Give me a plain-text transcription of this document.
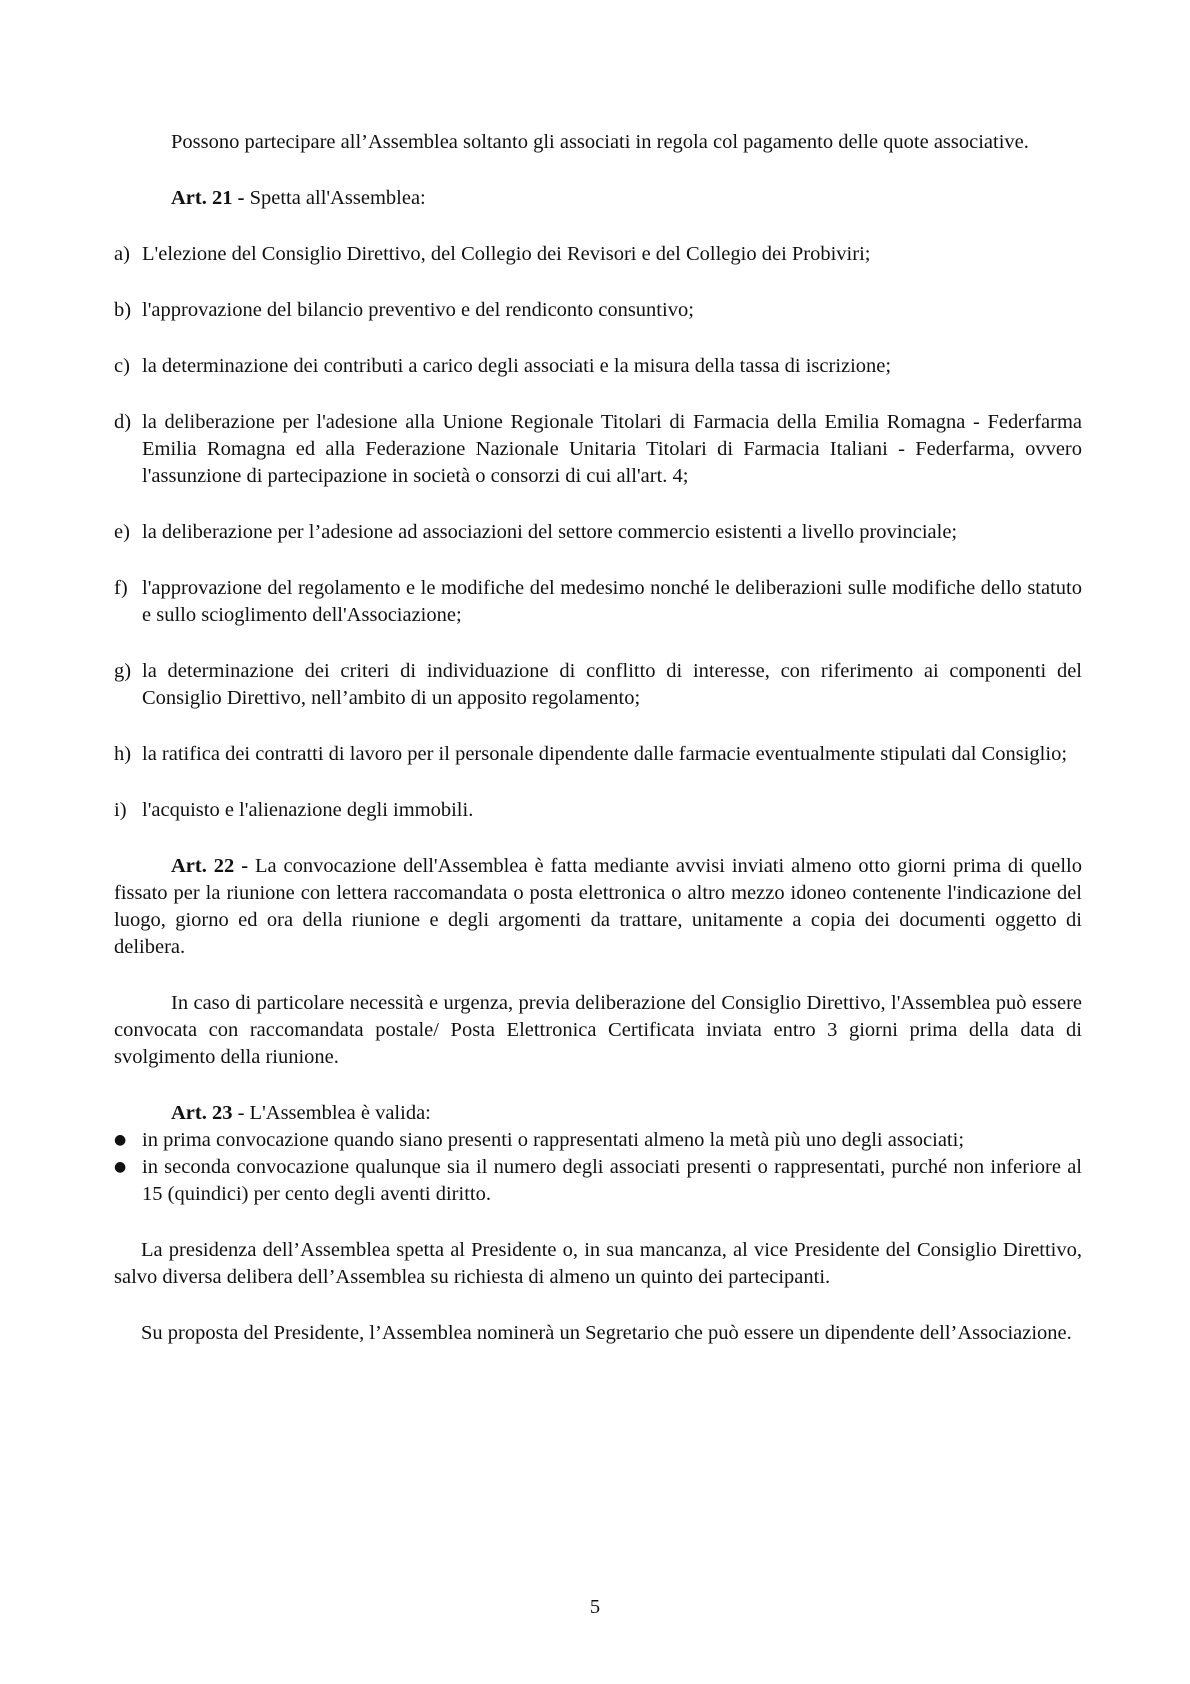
Possono partecipare all’Assemblea soltanto gli associati in regola col pagamento delle quote associative.

Art. 21 - Spetta all'Assemblea:

a) L'elezione del Consiglio Direttivo, del Collegio dei Revisori e del Collegio dei Probiviri;
b) l'approvazione del bilancio preventivo e del rendiconto consuntivo;
c) la determinazione dei contributi a carico degli associati e la misura della tassa di iscrizione;
d) la deliberazione per l'adesione alla Unione Regionale Titolari di Farmacia della Emilia Romagna - Federfarma Emilia Romagna ed alla Federazione Nazionale Unitaria Titolari di Farmacia Italiani - Federfarma, ovvero l'assunzione di partecipazione in società o consorzi di cui all'art. 4;
e) la deliberazione per l’adesione ad associazioni del settore commercio esistenti a livello provinciale;
f) l'approvazione del regolamento e le modifiche del medesimo nonché le deliberazioni sulle modifiche dello statuto e sullo scioglimento dell'Associazione;
g) la determinazione dei criteri di individuazione di conflitto di interesse, con riferimento ai componenti del Consiglio Direttivo, nell’ambito di un apposito regolamento;
h) la ratifica dei contratti di lavoro per il personale dipendente dalle farmacie eventualmente stipulati dal Consiglio;
i) l'acquisto e l'alienazione degli immobili.

Art. 22 - La convocazione dell'Assemblea è fatta mediante avvisi inviati almeno otto giorni prima di quello fissato per la riunione con lettera raccomandata o posta elettronica o altro mezzo idoneo contenente l'indicazione del luogo, giorno ed ora della riunione e degli argomenti da trattare, unitamente a copia dei documenti oggetto di delibera.

In caso di particolare necessità e urgenza, previa deliberazione del Consiglio Direttivo, l'Assemblea può essere convocata con raccomandata postale/ Posta Elettronica Certificata inviata entro 3 giorni prima della data di svolgimento della riunione.

Art. 23 - L'Assemblea è valida:

● in prima convocazione quando siano presenti o rappresentati almeno la metà più uno degli associati;
● in seconda convocazione qualunque sia il numero degli associati presenti o rappresentati, purché non inferiore al 15 (quindici) per cento degli aventi diritto.

La presidenza dell’Assemblea spetta al Presidente o, in sua mancanza, al vice Presidente del Consiglio Direttivo, salvo diversa delibera dell’Assemblea su richiesta di almeno un quinto dei partecipanti.

Su proposta del Presidente, l’Assemblea nominerà un Segretario che può essere un dipendente dell’Associazione.

5
